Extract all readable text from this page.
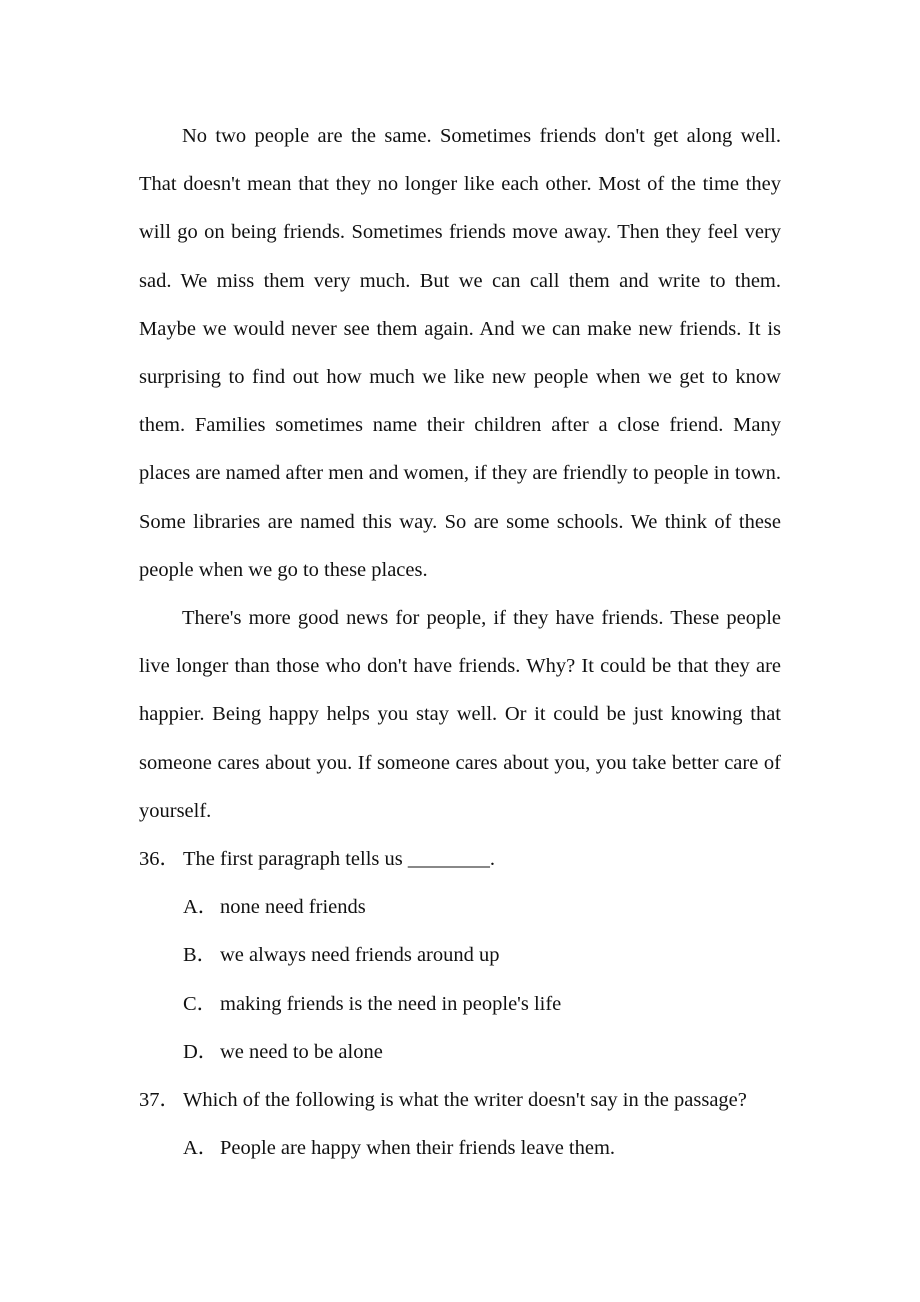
No two people are the same. Sometimes friends don't get along well. That doesn't mean that they no longer like each other. Most of the time they will go on being friends. Sometimes friends move away. Then they feel very sad. We miss them very much. But we can call them and write to them. Maybe we would never see them again. And we can make new friends. It is surprising to find out how much we like new people when we get to know them. Families sometimes name their children after a close friend. Many places are named after men and women, if they are friendly to people in town. Some libraries are named this way. So are some schools. We think of these people when we go to these places.

There's more good news for people, if they have friends. These people live longer than those who don't have friends. Why? It could be that they are happier. Being happy helps you stay well. Or it could be just knowing that someone cares about you. If someone cares about you, you take better care of yourself.

36． The first paragraph tells us ________.

A．none need friends

B． we always need friends around up

C． making friends is the need in people's life

D．we need to be alone

37． Which of the following is what the writer doesn't say in the passage?

A．People are happy when their friends leave them.
